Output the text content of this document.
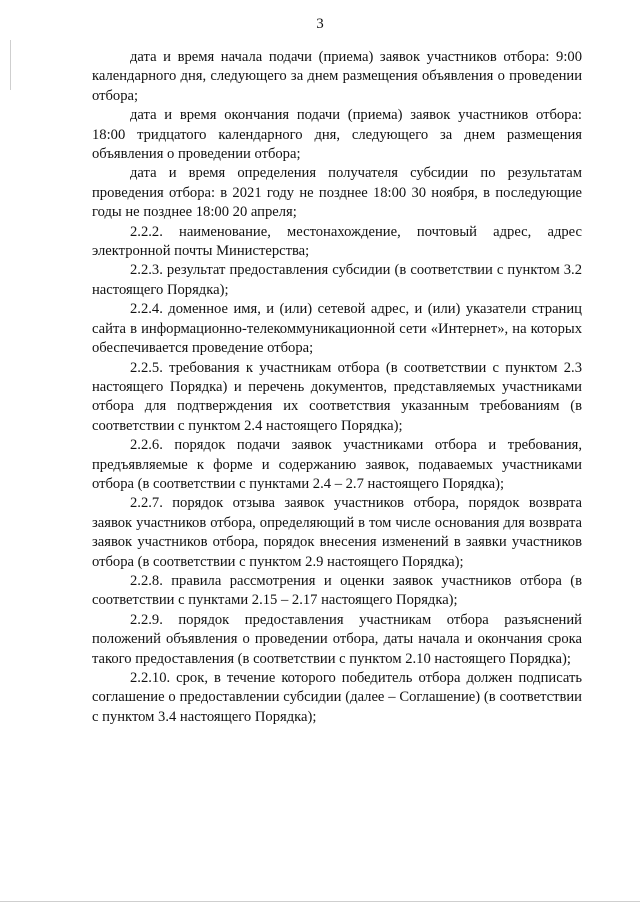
3

дата и время начала подачи (приема) заявок участников отбора: 9:00 календарного дня, следующего за днем размещения объявления о проведении отбора;

дата и время окончания подачи (приема) заявок участников отбора: 18:00 тридцатого календарного дня, следующего за днем размещения объявления о проведении отбора;

дата и время определения получателя субсидии по результатам проведения отбора: в 2021 году не позднее 18:00 30 ноября, в последующие годы не позднее 18:00 20 апреля;

2.2.2. наименование, местонахождение, почтовый адрес, адрес электронной почты Министерства;

2.2.3. результат предоставления субсидии (в соответствии с пунктом 3.2 настоящего Порядка);

2.2.4. доменное имя, и (или) сетевой адрес, и (или) указатели страниц сайта в информационно-телекоммуникационной сети «Интернет», на которых обеспечивается проведение отбора;

2.2.5. требования к участникам отбора (в соответствии с пунктом 2.3 настоящего Порядка) и перечень документов, представляемых участниками отбора для подтверждения их соответствия указанным требованиям (в соответствии с пунктом 2.4 настоящего Порядка);

2.2.6. порядок подачи заявок участниками отбора и требования, предъявляемые к форме и содержанию заявок, подаваемых участниками отбора (в соответствии с пунктами 2.4 – 2.7 настоящего Порядка);

2.2.7. порядок отзыва заявок участников отбора, порядок возврата заявок участников отбора, определяющий в том числе основания для возврата заявок участников отбора, порядок внесения изменений в заявки участников отбора (в соответствии с пунктом 2.9 настоящего Порядка);

2.2.8. правила рассмотрения и оценки заявок участников отбора (в соответствии с пунктами 2.15 – 2.17 настоящего Порядка);

2.2.9. порядок предоставления участникам отбора разъяснений положений объявления о проведении отбора, даты начала и окончания срока такого предоставления (в соответствии с пунктом 2.10 настоящего Порядка);

2.2.10. срок, в течение которого победитель отбора должен подписать соглашение о предоставлении субсидии (далее – Соглашение) (в соответствии с пунктом 3.4 настоящего Порядка);
